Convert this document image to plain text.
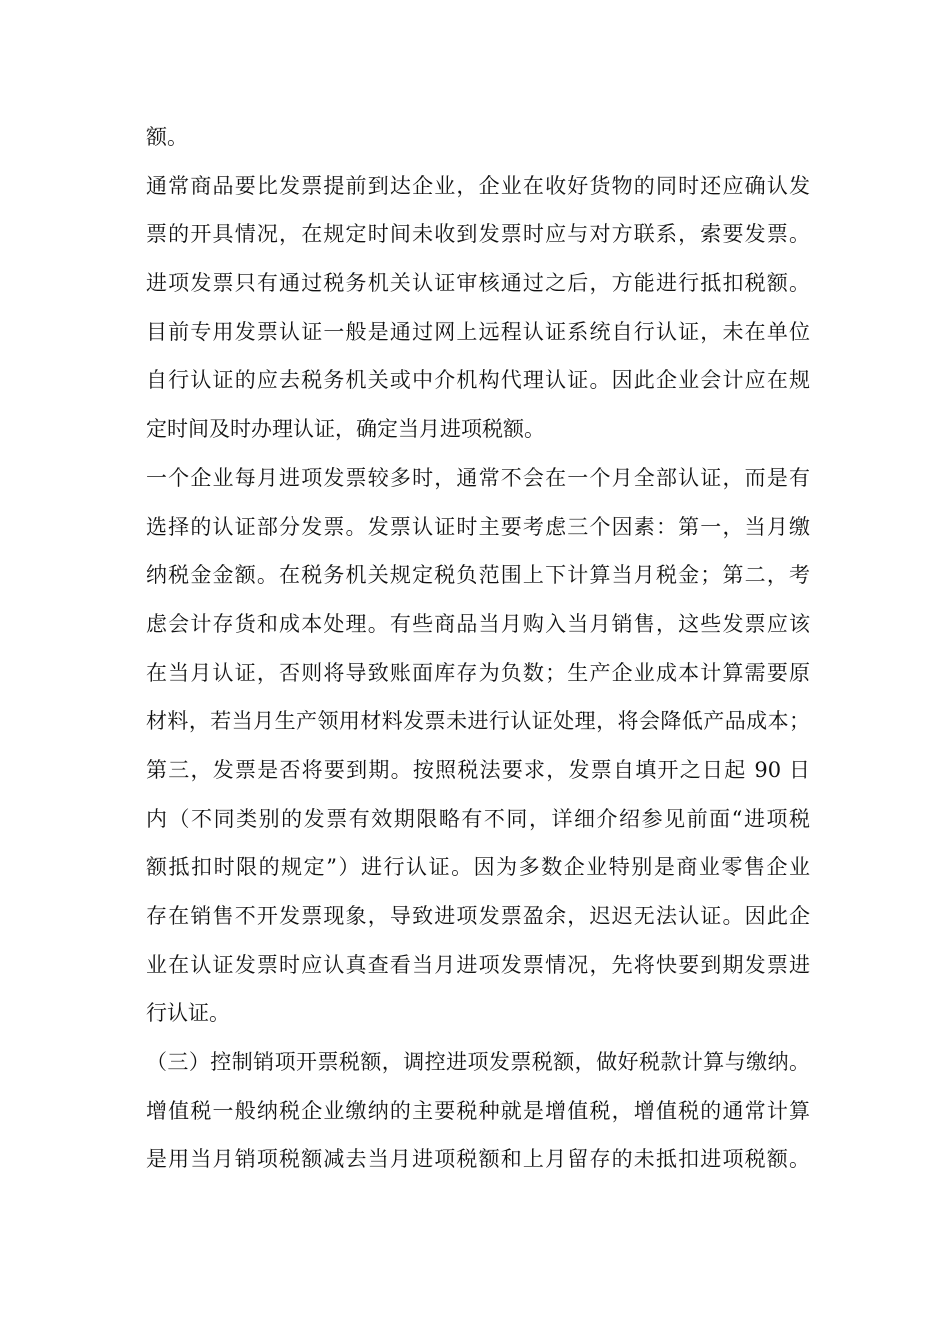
额。
通常商品要比发票提前到达企业，企业在收好货物的同时还应确认发
票的开具情况，在规定时间未收到发票时应与对方联系，索要发票。
进项发票只有通过税务机关认证审核通过之后，方能进行抵扣税额。
目前专用发票认证一般是通过网上远程认证系统自行认证，未在单位
自行认证的应去税务机关或中介机构代理认证。因此企业会计应在规
定时间及时办理认证，确定当月进项税额。
一个企业每月进项发票较多时，通常不会在一个月全部认证，而是有
选择的认证部分发票。发票认证时主要考虑三个因素：第一，当月缴
纳税金金额。在税务机关规定税负范围上下计算当月税金；第二，考
虑会计存货和成本处理。有些商品当月购入当月销售，这些发票应该
在当月认证，否则将导致账面库存为负数；生产企业成本计算需要原
材料，若当月生产领用材料发票未进行认证处理，将会降低产品成本；
第三，发票是否将要到期。按照税法要求，发票自填开之日起 90 日
内（不同类别的发票有效期限略有不同，详细介绍参见前面“进项税
额抵扣时限的规定”）进行认证。因为多数企业特别是商业零售企业
存在销售不开发票现象，导致进项发票盈余，迟迟无法认证。因此企
业在认证发票时应认真查看当月进项发票情况，先将快要到期发票进
行认证。
（三）控制销项开票税额，调控进项发票税额，做好税款计算与缴纳。
增值税一般纳税企业缴纳的主要税种就是增值税，增值税的通常计算
是用当月销项税额减去当月进项税额和上月留存的未抵扣进项税额。
